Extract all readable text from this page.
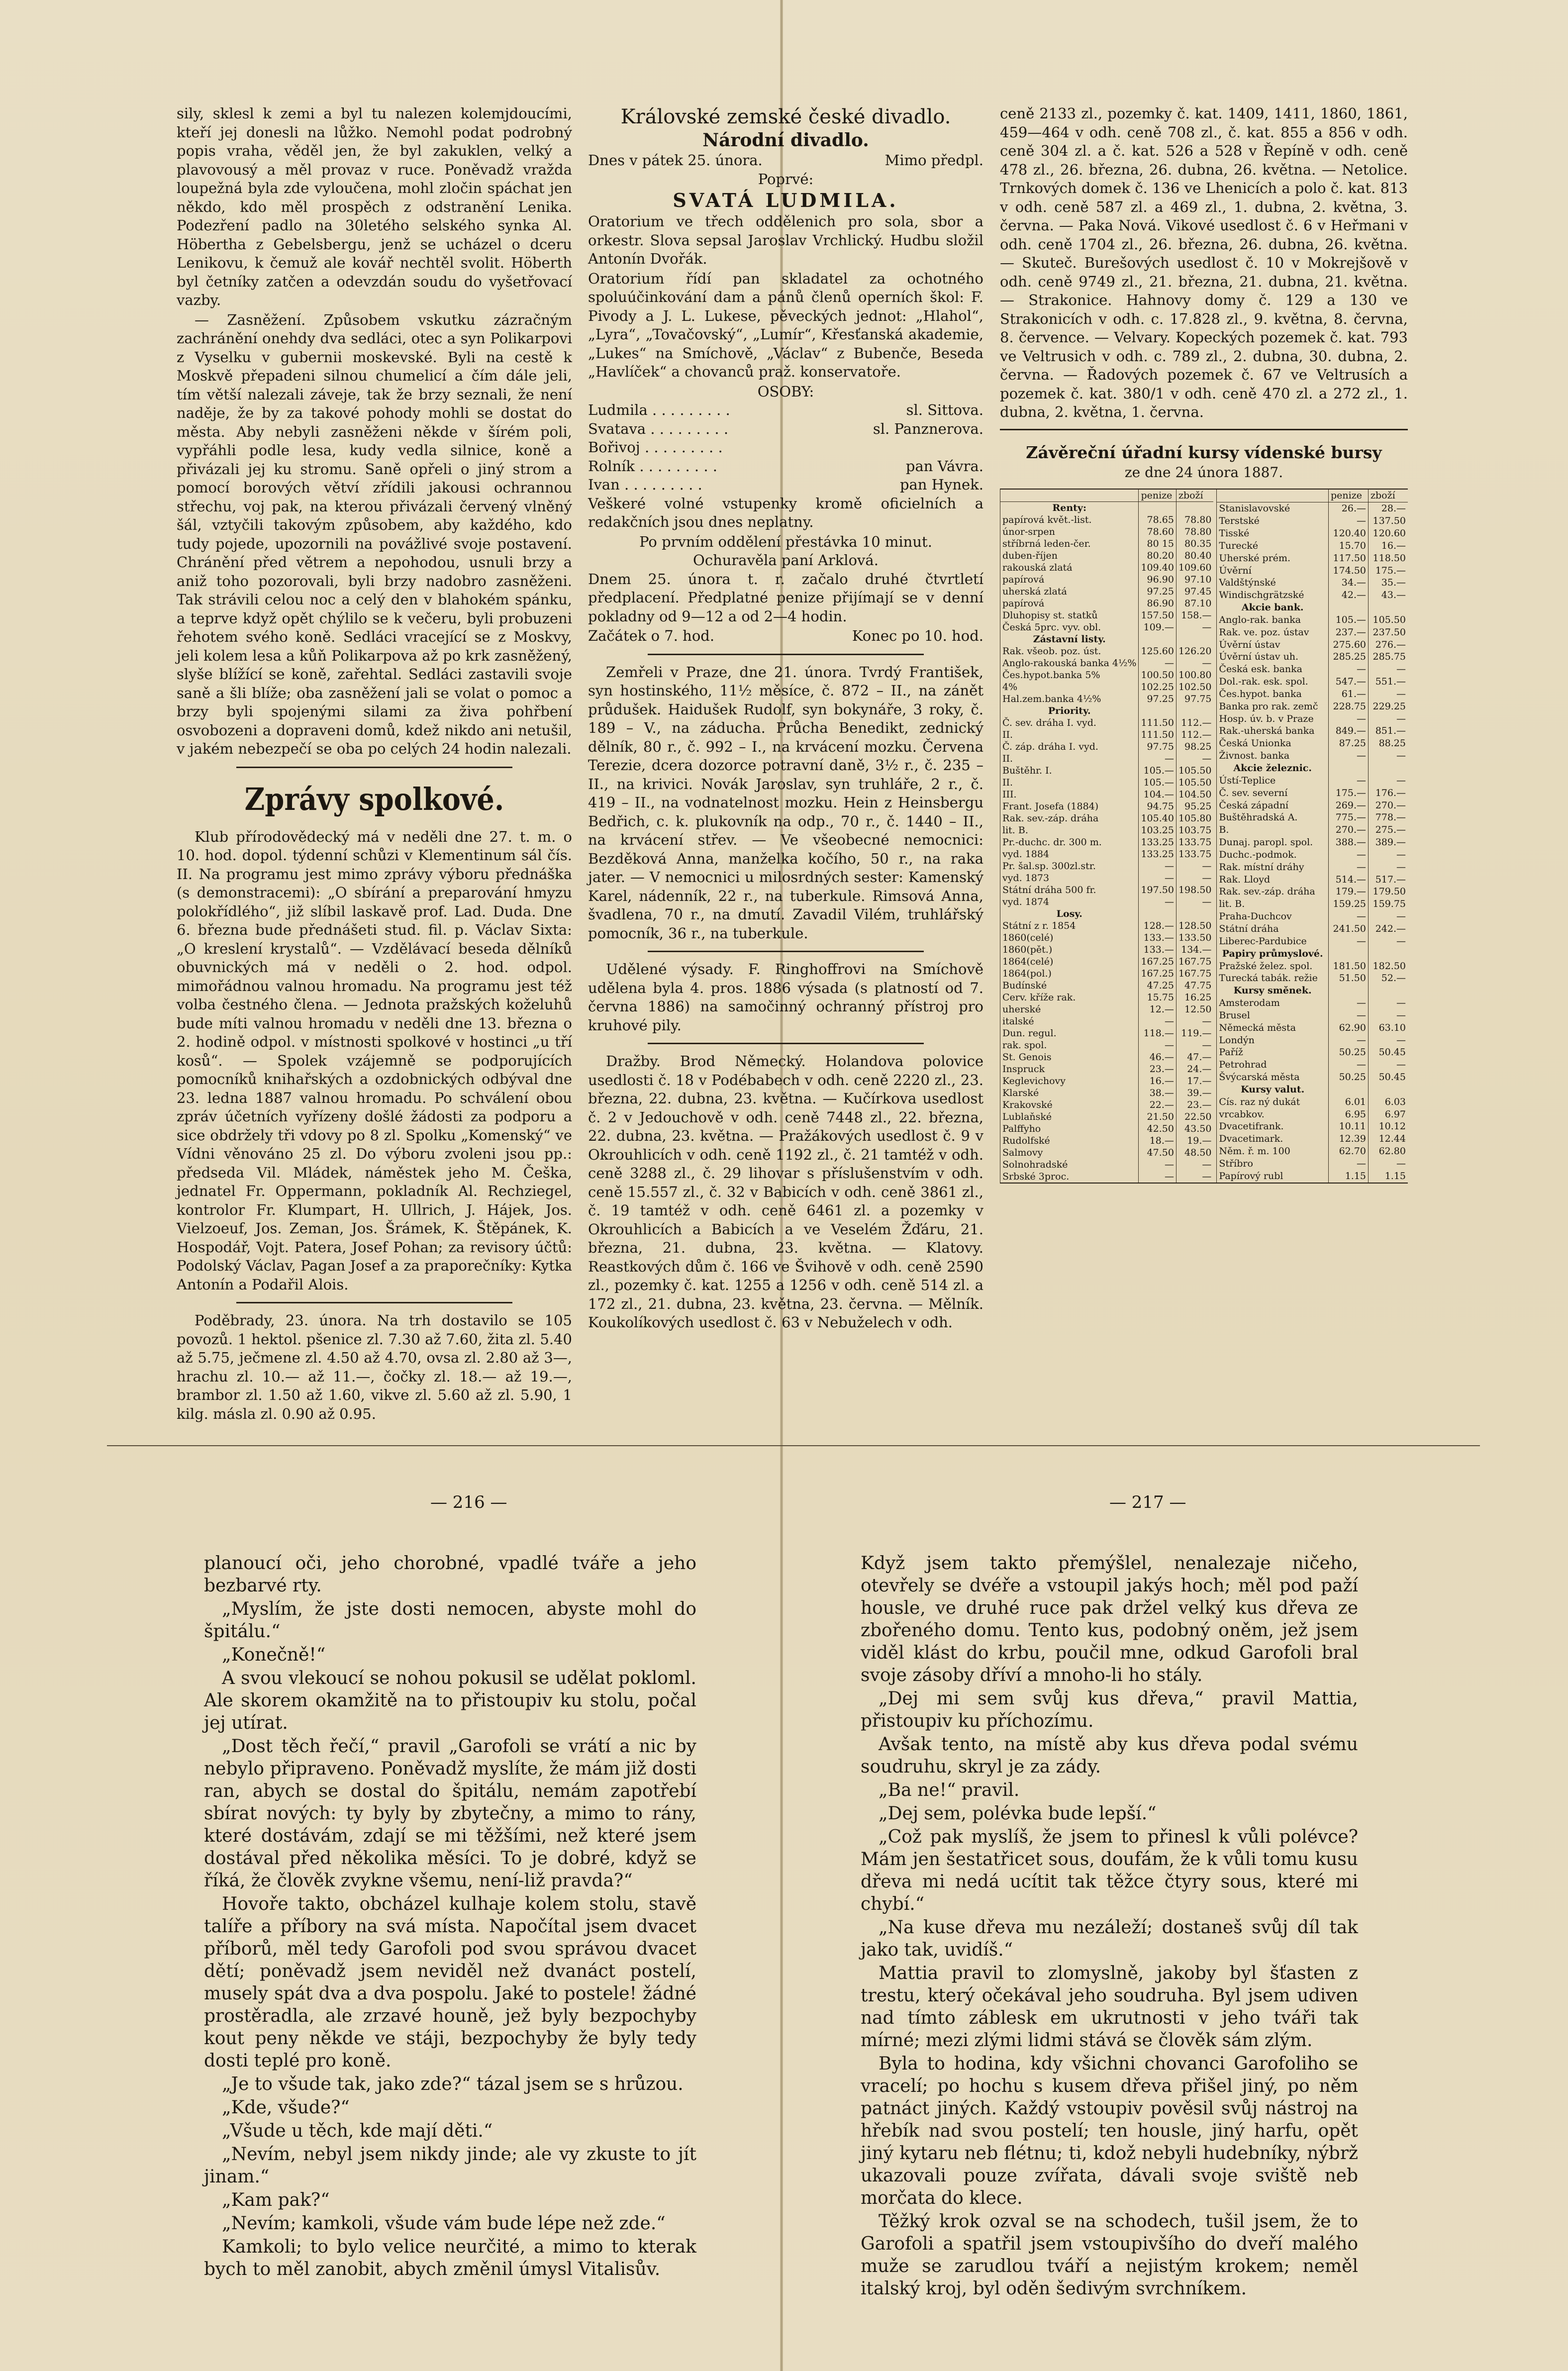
sily, sklesl k zemi a byl tu nalezen kolemjdoucími, kteří jej donesli na lůžko. Nemohl podat podrobný popis vraha, věděl jen, že byl zakuklen, velký a plavovousý a měl provaz v ruce. Poněvadž vražda loupežná byla zde vyloučena, mohl zločin spáchat jen někdo, kdo měl prospěch z odstranění Lenika. Podezření padlo na 30letého selského synka Al. Höbertha z Gebelsbergu, jenž se ucházel o dceru Lenikovu, k čemuž ale kovář nechtěl svolit. Höberth byl četníky zatčen a odevzdán soudu do vyšetřovací vazby.

— Zasněžení. Způsobem vskutku zázračným zachránění onehdy dva sedláci, otec a syn Polikarpovi z Vyselku v gubernii moskevské. Byli na cestě k Moskvě přepadeni silnou chumelicí a čím dále jeli, tím větší nalezali záveje, tak že brzy seznali, že není naděje, že by za takové pohody mohli se dostat do města. Aby nebyli zasněženi někde v šírém poli, vypřáhli podle lesa, kudy vedla silnice, koně a přivázali jej ku stromu. Saně opřeli o jiný strom a pomocí borových větví zřídili jakousi ochrannou střechu, voj pak, na kterou přivázali červený vlněný šál, vztyčili takovým způsobem, aby každého, kdo tudy pojede, upozornili na povážlivé svoje postavení. Chránění před větrem a nepohodou, usnuli brzy a aniž toho pozorovali, byli brzy nadobro zasněženi. Tak strávili celou noc a celý den v blahokém spánku, a teprve když opět chýlilo se k večeru, byli probuzeni řehotem svého koně. Sedláci vracející se z Moskvy, jeli kolem lesa a kůň Polikarpova až po krk zasněžený, slyše blížící se koně, zařehtal. Sedláci zastavili svoje saně a šli blíže; oba zasněžení jali se volat o pomoc a brzy byli spojenými silami za živa pohřbení osvobozeni a dopraveni domů, kdež nikdo ani netušil, v jakém nebezpečí se oba po celých 24 hodin nalezali.

Zprávy spolkové.

Klub přírodovědecký má v neděli dne 27. t. m. o 10. hod. dopol. týdenní schůzi v Klementinum sál čís. II. Na programu jest mimo zprávy výboru přednáška (s demonstracemi): „O sbírání a preparování hmyzu polokřídlého“, již slíbil laskavě prof. Lad. Duda. Dne 6. března bude přednášeti stud. fil. p. Václav Sixta: „O kreslení krystalů“. — Vzdělávací beseda dělníků obuvnických má v neděli o 2. hod. odpol. mimořádnou valnou hromadu. Na programu jest též volba čestného člena. — Jednota pražských koželuhů bude míti valnou hromadu v neděli dne 13. března o 2. hodině odpol. v místnosti spolkové v hostinci „u tří kosů“. — Spolek vzájemně se podporujících pomocníků knihařských a ozdobnických odbýval dne 23. ledna 1887 valnou hromadu. Po schválení obou zpráv účetních vyřízeny došlé žádosti za podporu a sice obdržely tři vdovy po 8 zl. Spolku „Komenský“ ve Vídni věnováno 25 zl. Do výboru zvoleni jsou pp.: předseda Vil. Mládek, náměstek jeho M. Češka, jednatel Fr. Oppermann, pokladník Al. Rechziegel, kontrolor Fr. Klumpart, H. Ullrich, J. Hájek, Jos. Vielzoeuf, Jos. Zeman, Jos. Šrámek, K. Štěpánek, K. Hospodář, Vojt. Patera, Josef Pohan; za revisory účtů: Podolský Václav, Pagan Josef a za praporečníky: Kytka Antonín a Podařil Alois.

Poděbrady, 23. února. Na trh dostavilo se 105 povozů. 1 hektol. pšenice zl. 7.30 až 7.60, žita zl. 5.40 až 5.75, ječmene zl. 4.50 až 4.70, ovsa zl. 2.80 až 3—, hrachu zl. 10.— až 11.—, čočky zl. 18.— až 19.—, brambor zl. 1.50 až 1.60, vikve zl. 5.60 až zl. 5.90, 1 kilg. másla zl. 0.90 až 0.95.

Královské zemské české divadlo.
Národní divadlo.
Dnes v pátek 25. února.	Mimo předpl.
Poprvé:
SVATÁ LUDMILA.

Oratorium ve třech oddělenich pro sola, sbor a orkestr. Slova sepsal Jaroslav Vrchlický. Hudbu složil Antonín Dvořák.

Oratorium řídí pan skladatel za ochotného spoluúčinkování dam a pánů členů operních škol: F. Pivody a J. L. Lukese, pěveckých jednot: „Hlahol“, „Lyra“, „Tovačovský“, „Lumír“, Křesťanská akademie, „Lukes“ na Smíchově, „Václav“ z Bubenče, Beseda „Havlíček“ a chovanců praž. konservatoře.

OSOBY:
Ludmila . . . . . . . . .	sl. Sittova.
Svatava . . . . . . . . .	sl. Panznerova.
Bořivoj . . . . . . . . .
Rolník . . . . . . . . .	pan Vávra.
Ivan . . . . . . . . .	pan Hynek.

Veškeré volné vstupenky kromě oficielních a redakčních jsou dnes neplatny.

Po prvním oddělení přestávka 10 minut.
Ochuravěla paní Arklová.

Dnem 25. února t. r. začalo druhé čtvrtletí předplacení. Předplatné penize přijímají se v denní pokladny od 9—12 a od 2—4 hodin.

Začátek o 7. hod.	Konec po 10. hod.

Zemřeli v Praze, dne 21. února. Tvrdý František, syn hostinského, 11½ měsíce, č. 872 – II., na zánět průdušek. Haidušek Rudolf, syn bokynáře, 3 roky, č. 189 – V., na záducha. Průcha Benedikt, zednický dělník, 80 r., č. 992 – I., na krvácení mozku. Červena Terezie, dcera dozorce potravní daně, 3½ r., č. 235 – II., na krivici. Novák Jaroslav, syn truhláře, 2 r., č. 419 – II., na vodnatelnost mozku. Hein z Heinsbergu Bedřich, c. k. plukovník na odp., 70 r., č. 1440 – II., na krvácení střev. — Ve všeobecné nemocnici: Bezděková Anna, manželka kočího, 50 r., na raka jater. — V nemocnici u milosrdných sester: Kamenský Karel, nádenník, 22 r., na tuberkule. Rimsová Anna, švadlena, 70 r., na dmutí. Zavadil Vilém, truhlářský pomocník, 36 r., na tuberkule.

Udělené výsady. F. Ringhoffrovi na Smíchově udělena byla 4. pros. 1886 výsada (s platností od 7. června 1886) na samočinný ochranný přístroj pro kruhové pily.

Dražby. Brod Německý. Holandova polovice usedlosti č. 18 v Podébabech v odh. ceně 2220 zl., 23. března, 22. dubna, 23. května. — Kučírkova usedlost č. 2 v Jedouchově v odh. ceně 7448 zl., 22. března, 22. dubna, 23. května. — Pražákových usedlost č. 9 v Okrouhlicích v odh. ceně 1192 zl., č. 21 tamtéž v odh. ceně 3288 zl., č. 29 lihovar s příslušenstvím v odh. ceně 15.557 zl., č. 32 v Babicích v odh. ceně 3861 zl., č. 19 tamtéž v odh. ceně 6461 zl. a pozemky v Okrouhlicích a Babicích a ve Veselém Žďáru, 21. března, 21. dubna, 23. května. — Klatovy. Reastkových dům č. 166 ve Švihově v odh. ceně 2590 zl., pozemky č. kat. 1255 a 1256 v odh. ceně 514 zl. a 172 zl., 21. dubna, 23. května, 23. června. — Mělník. Koukolíkových usedlost č. 63 v Nebuželech v odh.

ceně 2133 zl., pozemky č. kat. 1409, 1411, 1860, 1861, 459—464 v odh. ceně 708 zl., č. kat. 855 a 856 v odh. ceně 304 zl. a č. kat. 526 a 528 v Řepíně v odh. ceně 478 zl., 26. března, 26. dubna, 26. května. — Netolice. Trnkových domek č. 136 ve Lhenicích a polo č. kat. 813 v odh. ceně 587 zl. a 469 zl., 1. dubna, 2. května, 3. června. — Paka Nová. Vikové usedlost č. 6 v Heřmani v odh. ceně 1704 zl., 26. března, 26. dubna, 26. května. — Skuteč. Burešových usedlost č. 10 v Mokrejšově v odh. ceně 9749 zl., 21. března, 21. dubna, 21. května. — Strakonice. Hahnovy domy č. 129 a 130 ve Strakonicích v odh. c. 17.828 zl., 9. května, 8. června, 8. července. — Velvary. Kopeckých pozemek č. kat. 793 ve Veltrusich v odh. c. 789 zl., 2. dubna, 30. dubna, 2. června. — Řadových pozemek č. 67 ve Veltrusích a pozemek č. kat. 380/1 v odh. ceně 470 zl. a 272 zl., 1. dubna, 2. května, 1. června.

Závěreční úřadní kursy vídenské bursy
ze dne 24 února 1887.
	penize	zboží
Renty:		
papírová květ.-list.	78.65	78.80
únor-srpen	78.60	78.80
stříbrná leden-čer.	80 15	80.35
duben-říjen	80.20	80.40
rakouská zlatá	109.40	109.60
papírová	96.90	97.10
uherská zlatá	97.25	97.45
papírová	86.90	87.10
Dluhopisy st. statků	157.50	158.—
Česká 5prc. vyv. obl.	109.—	—
Zástavní listy.		
Rak. všeob. poz. úst.	125.60	126.20
Anglo-rakouská banka 4½%	—	—
Čes.hypot.banka 5%	100.50	100.80
4%	102.25	102.50
Hal.zem.banka 4½%	97.25	97.75
Priority.		
Č. sev. dráha I. vyd.	111.50	112.—
II.	111.50	112.—
Č. záp. dráha I. vyd.	97.75	98.25
II.	—	—
Buštěhr. I.	105.—	105.50
II.	105.—	105.50
III.	104.—	104.50
Frant. Josefa (1884)	94.75	95.25
Rak. sev.-záp. dráha	105.40	105.80
lit. B.	103.25	103.75
Pr.-duchc. dr. 300 m.	133.25	133.75
vyd. 1884	133.25	133.75
Pr. šal.sp. 300zl.str.	—	—
vyd. 1873	—	—
Státní dráha 500 fr.	197.50	198.50
vyd. 1874	—	—
Losy.		
Státní z r. 1854	128.—	128.50
1860(celé)	133.—	133.50
1860(pět.)	133.—	134.—
1864(celé)	167.25	167.75
1864(pol.)	167.25	167.75
Budínské	47.25	47.75
Cerv. kříže rak.	15.75	16.25
uherské	12.—	12.50
italské	—	—
Dun. regul.	118.—	119.—
rak. spol.	—	—
St. Genois	46.—	47.—
Inspruck	23.—	24.—
Keglevichovy	16.—	17.—
Klarské	38.—	39.—
Krakovské	22.—	23.—
Lublaňské	21.50	22.50
Palffyho	42.50	43.50
Rudolfské	18.—	19.—
Salmovy	47.50	48.50
Solnohradské	—	—
Srbské 3proc.	—	—
	penize	zboží
Stanislavovské	26.—	28.—
Terstské	—	137.50
Tisské	120.40	120.60
Turecké	15.70	16.—
Uherské prém.	117.50	118.50
Úvěrní	174.50	175.—
Valdštýnské	34.—	35.—
Windischgrätzské	42.—	43.—
Akcie bank.		
Anglo-rak. banka	105.—	105.50
Rak. ve. poz. ústav	237.—	237.50
Úvěrní ústav	275.60	276.—
Úvěrní ústav uh.	285.25	285.75
Česká esk. banka	—	—
Dol.-rak. esk. spol.	547.—	551.—
Čes.hypot. banka	61.—	—
Banka pro rak. zemč	228.75	229.25
Hosp. úv. b. v Praze	—	—
Rak.-uherská banka	849.—	851.—
Česká Unionka	87.25	88.25
Živnost. banka	—	—
Akcie železnic.		
Ústí-Teplice	—	—
Č. sev. severní	175.—	176.—
Česká západní	269.—	270.—
Buštěhradská A.	775.—	778.—
B.	270.—	275.—
Dunaj. paropl. spol.	388.—	389.—
Duchc.-podmok.	—	—
Rak. místní dráhy	—	—
Rak. Lloyd	514.—	517.—
Rak. sev.-záp. dráha	179.—	179.50
lit. B.	159.25	159.75
Praha-Duchcov	—	—
Státní dráha	241.50	242.—
Liberec-Pardubice	—	—
Papiry průmyslové.		
Pražské želez. spol.	181.50	182.50
Turecká tabák. režie	51.50	52.—
Kursy směnek.		
Amsterodam	—	—
Brusel	—	—
Německá města	62.90	63.10
Londýn	—	—
Paříž	50.25	50.45
Petrohrad	—	—
Švýcarská města	50.25	50.45
Kursy valut.		
Cís. raz ný dukát	6.01	6.03
vrcabkov.	6.95	6.97
Dvacetifrank.	10.11	10.12
Dvacetimark.	12.39	12.44
Něm. ř. m. 100	62.70	62.80
Stříbro	—	—
Papírový rubl	1.15	1.15
— 216 —	— 217 —

planoucí oči, jeho chorobné, vpadlé tváře a jeho bezbarvé rty.

„Myslím, že jste dosti nemocen, abyste mohl do špitálu.“

„Konečně!“

A svou vlekoucí se nohou pokusil se udělat pokloml. Ale skorem okamžitě na to přistoupiv ku stolu, počal jej utírat.

„Dost těch řečí,“ pravil „Garofoli se vrátí a nic by nebylo připraveno. Poněvadž myslíte, že mám již dosti ran, abych se dostal do špitálu, nemám zapotřebí sbírat nových: ty byly by zbytečny, a mimo to rány, které dostávám, zdají se mi těžšími, než které jsem dostával před několika měsíci. To je dobré, když se říká, že člověk zvykne všemu, není-liž pravda?“

Hovoře takto, obcházel kulhaje kolem stolu, stavě talíře a příbory na svá místa. Napočítal jsem dvacet příborů, měl tedy Garofoli pod svou správou dvacet dětí; poněvadž jsem neviděl než dvanáct postelí, musely spát dva a dva pospolu. Jaké to postele! žádné prostěradla, ale zrzavé houně, jež byly bezpochyby kout peny někde ve stáji, bezpochyby že byly tedy dosti teplé pro koně.

„Je to všude tak, jako zde?“ tázal jsem se s hrůzou.

„Kde, všude?“

„Všude u těch, kde mají děti.“

„Nevím, nebyl jsem nikdy jinde; ale vy zkuste to jít jinam.“

„Kam pak?“

„Nevím; kamkoli, všude vám bude lépe než zde.“

Kamkoli; to bylo velice neurčité, a mimo to kterak bych to měl zanobit, abych změnil úmysl Vitalisův.

Když jsem takto přemýšlel, nenalezaje ničeho, otevřely se dvéře a vstoupil jakýs hoch; měl pod paží housle, ve druhé ruce pak držel velký kus dřeva ze zbořeného domu. Tento kus, podobný oněm, jež jsem viděl klást do krbu, poučil mne, odkud Garofoli bral svoje zásoby dříví a mnoho-li ho stály.

„Dej mi sem svůj kus dřeva,“ pravil Mattia, přistoupiv ku příchozímu.

Avšak tento, na místě aby kus dřeva podal svému soudruhu, skryl je za zády.

„Ba ne!“ pravil.

„Dej sem, polévka bude lepší.“

„Což pak myslíš, že jsem to přinesl k vůli polévce? Mám jen šestatřicet sous, doufám, že k vůli tomu kusu dřeva mi nedá ucítit tak těžce čtyry sous, které mi chybí.“

„Na kuse dřeva mu nezáleží; dostaneš svůj díl tak jako tak, uvidíš.“

Mattia pravil to zlomyslně, jakoby byl šťasten z trestu, který očekával jeho soudruha. Byl jsem udiven nad tímto záblesk em ukrutnosti v jeho tváři tak mírné; mezi zlými lidmi stává se člověk sám zlým.

Byla to hodina, kdy všichni chovanci Garofoliho se vracelí; po hochu s kusem dřeva přišel jiný, po něm patnáct jiných. Každý vstoupiv pověsil svůj nástroj na hřebík nad svou postelí; ten housle, jiný harfu, opět jiný kytaru neb flétnu; ti, kdož nebyli hudebníky, nýbrž ukazovali pouze zvířata, dávali svoje sviště neb morčata do klece.

Těžký krok ozval se na schodech, tušil jsem, že to Garofoli a spatřil jsem vstoupivšího do dveří malého muže se zarudlou tváří a nejistým krokem; neměl italský kroj, byl oděn šedivým svrchníkem.
